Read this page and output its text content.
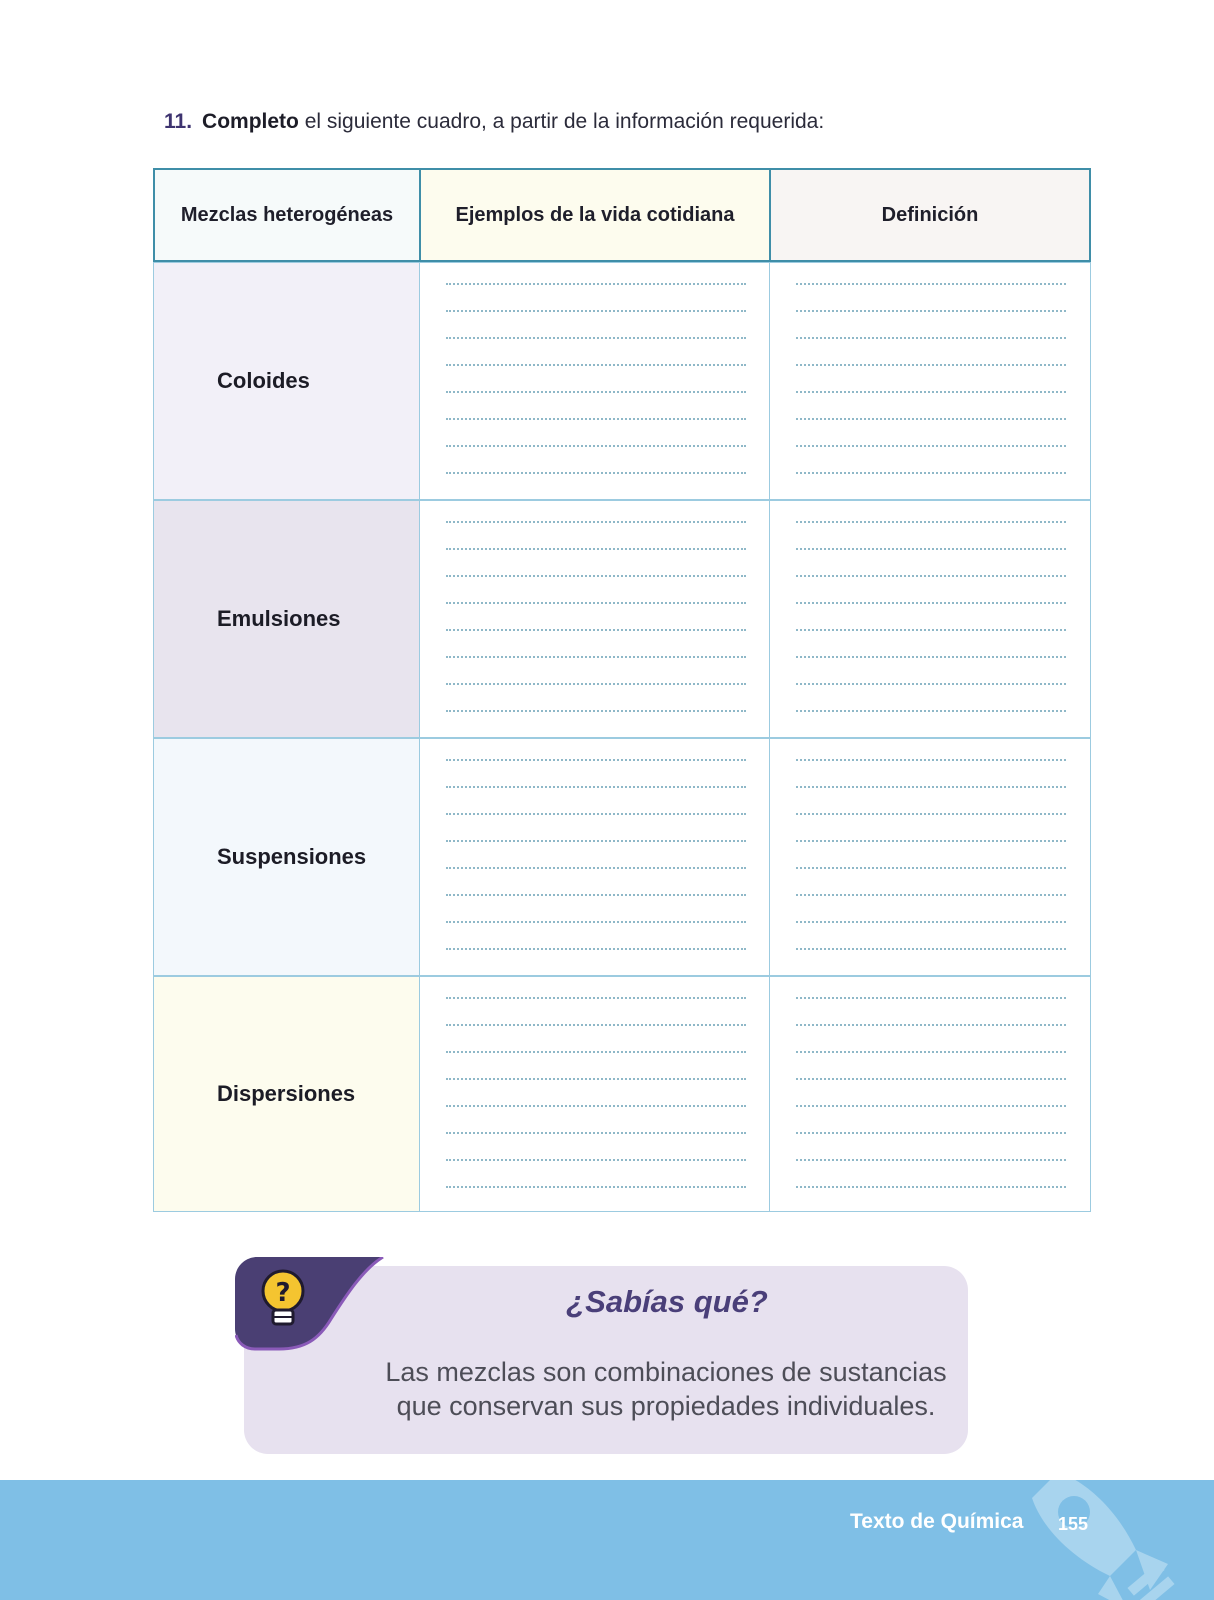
11. Completo el siguiente cuadro, a partir de la información requerida:
Mezclas heterogéneas	Ejemplos de la vida cotidiana	Definición
Coloides
Emulsiones
Suspensiones
Dispersiones
?	¿Sabías qué?
Las mezclas son combinaciones de sustancias
que conservan sus propiedades individuales.
Texto de Química 155
